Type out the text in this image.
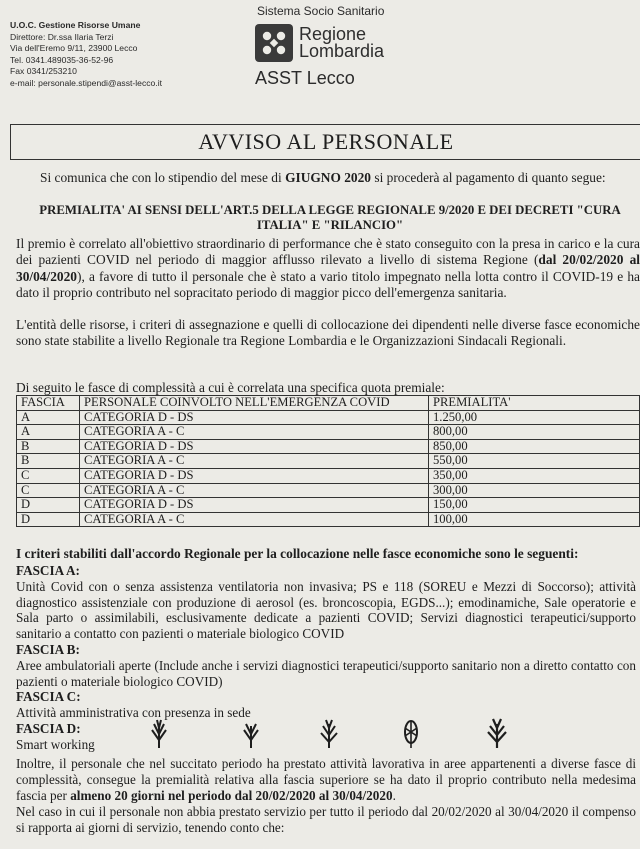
U.O.C. Gestione Risorse Umane
Direttore: Dr.ssa Ilaria Terzi
Via dell'Eremo 9/11, 23900 Lecco
Tel. 0341.489035-36-52-96
Fax 0341/253210
e-mail: personale.stipendi@asst-lecco.it
Sistema Socio Sanitario
Regione
Lombardia
ASST Lecco
AVVISO AL PERSONALE
Si comunica che con lo stipendio del mese di GIUGNO 2020 si procederà al pagamento di quanto segue:
PREMIALITA' AI SENSI DELL'ART.5 DELLA LEGGE REGIONALE 9/2020 E DEI DECRETI "CURA ITALIA" E "RILANCIO"
Il premio è correlato all'obiettivo straordinario di performance che è stato conseguito con la presa in carico e la cura dei pazienti COVID nel periodo di maggior afflusso rilevato a livello di sistema Regione (dal 20/02/2020 al 30/04/2020), a favore di tutto il personale che è stato a vario titolo impegnato nella lotta contro il COVID-19 e ha dato il proprio contributo nel sopracitato periodo di maggior picco dell'emergenza sanitaria.
L'entità delle risorse, i criteri di assegnazione e quelli di collocazione dei dipendenti nelle diverse fasce economiche sono state stabilite a livello Regionale tra Regione Lombardia e le Organizzazioni Sindacali Regionali.
Di seguito le fasce di complessità a cui è correlata una specifica quota premiale:
FASCIA	PERSONALE COINVOLTO NELL'EMERGENZA COVID	PREMIALITA'
A	CATEGORIA D - DS	1.250,00
A	CATEGORIA A - C	800,00
B	CATEGORIA D - DS	850,00
B	CATEGORIA A - C	550,00
C	CATEGORIA D - DS	350,00
C	CATEGORIA A - C	300,00
D	CATEGORIA D - DS	150,00
D	CATEGORIA A - C	100,00
I criteri stabiliti dall'accordo Regionale per la collocazione nelle fasce economiche sono le seguenti:
FASCIA A:
Unità Covid con o senza assistenza ventilatoria non invasiva; PS e 118 (SOREU e Mezzi di Soccorso); attività diagnostico assistenziale con produzione di aerosol (es. broncoscopia, EGDS...); emodinamiche, Sale operatorie e Sala parto o assimilabili, esclusivamente dedicate a pazienti COVID; Servizi diagnostici terapeutici/supporto sanitario a contatto con pazienti o materiale biologico COVID
FASCIA B:
Aree ambulatoriali aperte (Include anche i servizi diagnostici terapeutici/supporto sanitario non a diretto contatto con pazienti o materiale biologico COVID)
FASCIA C:
Attività amministrativa con presenza in sede
FASCIA D:
Smart working
Inoltre, il personale che nel succitato periodo ha prestato attività lavorativa in aree appartenenti a diverse fasce di complessità, consegue la premialità relativa alla fascia superiore se ha dato il proprio contributo nella medesima fascia per almeno 20 giorni nel periodo dal 20/02/2020 al 30/04/2020.
Nel caso in cui il personale non abbia prestato servizio per tutto il periodo dal 20/02/2020 al 30/04/2020 il compenso si rapporta ai giorni di servizio, tenendo conto che:
